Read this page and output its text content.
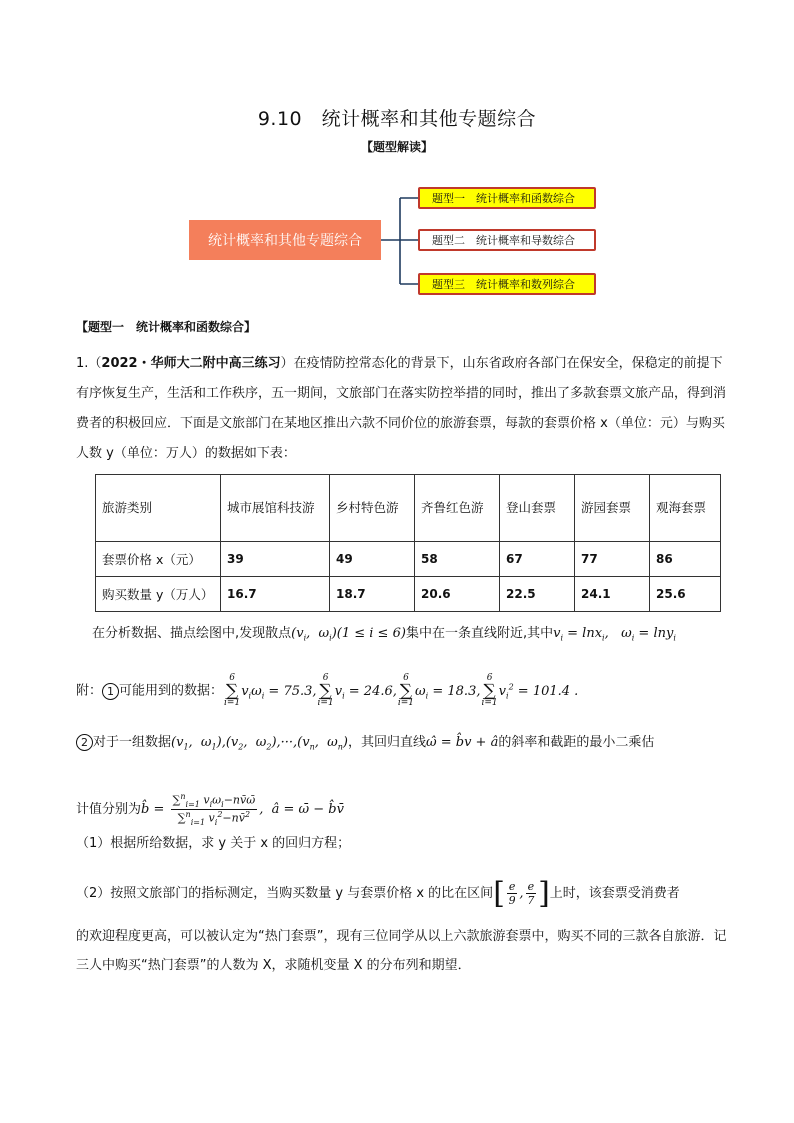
9.10　统计概率和其他专题综合
【题型解读】
统计概率和其他专题综合
题型一　统计概率和函数综合
题型二　统计概率和导数综合
题型三　统计概率和数列综合
【题型一　统计概率和函数综合】
1.（2022・华师大二附中高三练习）在疫情防控常态化的背景下，山东省政府各部门在保安全，保稳定的前提下有序恢复生产，生活和工作秩序，五一期间，文旅部门在落实防控举措的同时，推出了多款套票文旅产品，得到消费者的积极回应．下面是文旅部门在某地区推出六款不同价位的旅游套票，每款的套票价格 x（单位：元）与购买人数 y（单位：万人）的数据如下表：
旅游类别	城市展馆科技游	乡村特色游	齐鲁红色游	登山套票	游园套票	观海套票
套票价格 x（元）	39	49	58	67	77	86
购买数量 y（万人）	16.7	18.7	20.6	22.5	24.1	25.6
在分析数据、描点绘图中,发现散点($v_i$,  $\omega_i)(1 \le i \le 6)$集中在一条直线附近,其中$v_i = \ln x_i$,   $\omega_i = \ln y_i$
附： 1 可能用到的数据：6
∑
$i=1v_i\omega_i = 75.3,6$
∑
$i=1v_i = 24.6,6$
∑
$i=1\omega_i = 18.3,6$
∑
$i=1v_i^2 = 101.4$ .
2 对于一组数据($v_1$,  $\omega_1),(v_2$,  $\omega_2),\cdot\cdot\cdot,(v_n$,  $\omega_n$)，其回归直线ω̂ = b̂v + â的斜率和截距的最小二乘估
计值分别为b̂ = $\frac{\sum^n_{i=1} v_i\omega_i-nv̄\omegā}{\sum^n_{i=1} v_i^2-nv̄^2}$ ,  â = ω̄ − b̂v̄
（1）根据所给数据，求 y 关于 x 的回归方程；
（2）按照文旅部门的指标测定，当购买数量 y 与套票价格 x 的比在区间[ $\frac{e}{9}$ , $\frac{e}{7}$ ]上时，该套票受消费者
的欢迎程度更高，可以被认定为“热门套票”，现有三位同学从以上六款旅游套票中，购买不同的三款各自旅游．记三人中购买“热门套票”的人数为 X，求随机变量 X 的分布列和期望．
